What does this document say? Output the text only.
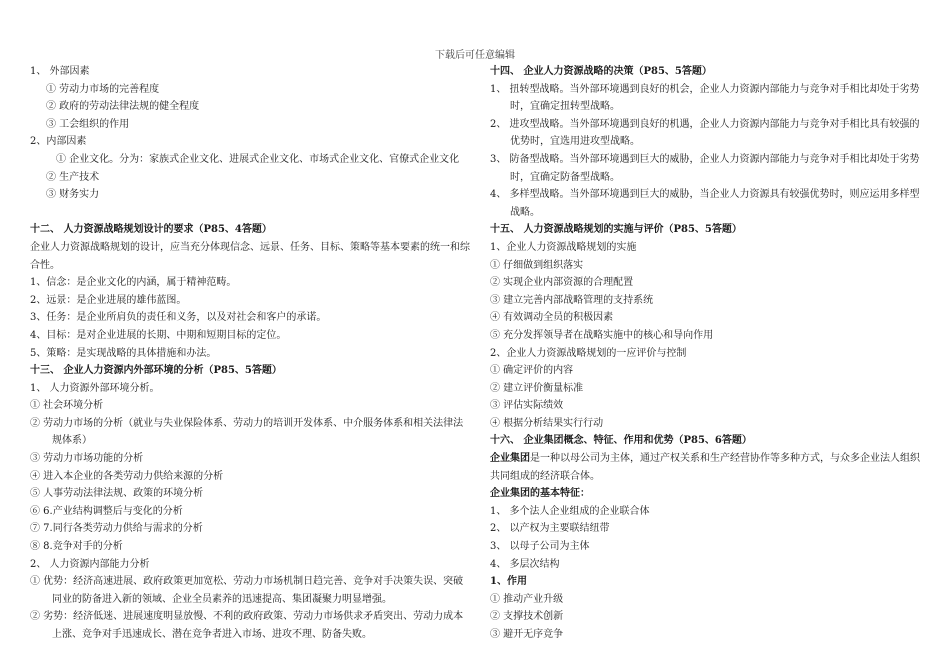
下载后可任意编辑
1、 外部因素
① 劳动力市场的完善程度
② 政府的劳动法律法规的健全程度
③ 工会组织的作用
2、内部因素
① 企业文化。分为：家族式企业文化、进展式企业文化、市场式企业文化、官僚式企业文化
② 生产技术
③ 财务实力
十二、 人力资源战略规划设计的要求（P85、4答题）
企业人力资源战略规划的设计，应当充分体现信念、远景、任务、目标、策略等基本要素的统一和综合性。
1、信念：是企业文化的内涵，属于精神范畴。
2、远景：是企业进展的雄伟蓝图。
3、任务：是企业所肩负的责任和义务，以及对社会和客户的承诺。
4、目标：是对企业进展的长期、中期和短期目标的定位。
5、策略：是实现战略的具体措施和办法。
十三、 企业人力资源内外部环境的分析（P85、5答题）
1、 人力资源外部环境分析。
① 社会环境分析
② 劳动力市场的分析（就业与失业保险体系、劳动力的培训开发体系、中介服务体系和相关法律法规体系）
③ 劳动力市场功能的分析
④ 进入本企业的各类劳动力供给来源的分析
⑤ 人事劳动法律法规、政策的环境分析
⑥ 6.产业结构调整后与变化的分析
⑦ 7.同行各类劳动力供给与需求的分析
⑧ 8.竞争对手的分析
2、 人力资源内部能力分析
① 优势：经济高速进展、政府政策更加宽松、劳动力市场机制日趋完善、竞争对手决策失误、突破同业的防备进入新的领域、企业全员素养的迅速提高、集团凝聚力明显增强。
② 劣势：经济低迷、进展速度明显放慢、不利的政府政策、劳动力市场供求矛盾突出、劳动力成本上涨、竞争对手迅速成长、潜在竞争者进入市场、进攻不理、防备失败。
十四、 企业人力资源战略的决策（P85、5答题）
1、 扭转型战略。当外部环境遇到良好的机会，企业人力资源内部能力与竞争对手相比却处于劣势时，宜确定扭转型战略。
2、 进攻型战略。当外部环境遇到良好的机遇，企业人力资源内部能力与竞争对手相比具有较强的优势时，宜选用进攻型战略。
3、 防备型战略。当外部环境遇到巨大的威胁，企业人力资源内部能力与竞争对手相比却处于劣势时，宜确定防备型战略。
4、 多样型战略。当外部环境遇到巨大的威胁，当企业人力资源具有较强优势时，则应运用多样型战略。
十五、 人力资源战略规划的实施与评价（P85、5答题）
1、企业人力资源战略规划的实施
① 仔细做到组织落实
② 实现企业内部资源的合理配置
③ 建立完善内部战略管理的支持系统
④ 有效调动全员的积极因素
⑤ 充分发挥领导者在战略实施中的核心和导向作用
2、企业人力资源战略规划的一应评价与控制
① 确定评价的内容
② 建立评价衡量标准
③ 评估实际绩效
④ 根据分析结果实行行动
十六、 企业集团概念、特征、作用和优势（P85、6答题）
企业集团是一种以母公司为主体，通过产权关系和生产经营协作等多种方式，与众多企业法人组织共同组成的经济联合体。
企业集团的基本特征：
1、 多个法人企业组成的企业联合体
2、 以产权为主要联结纽带
3、 以母子公司为主体
4、 多层次结构
1、作用
① 推动产业升级
② 支撑技术创新
③ 避开无序竞争
